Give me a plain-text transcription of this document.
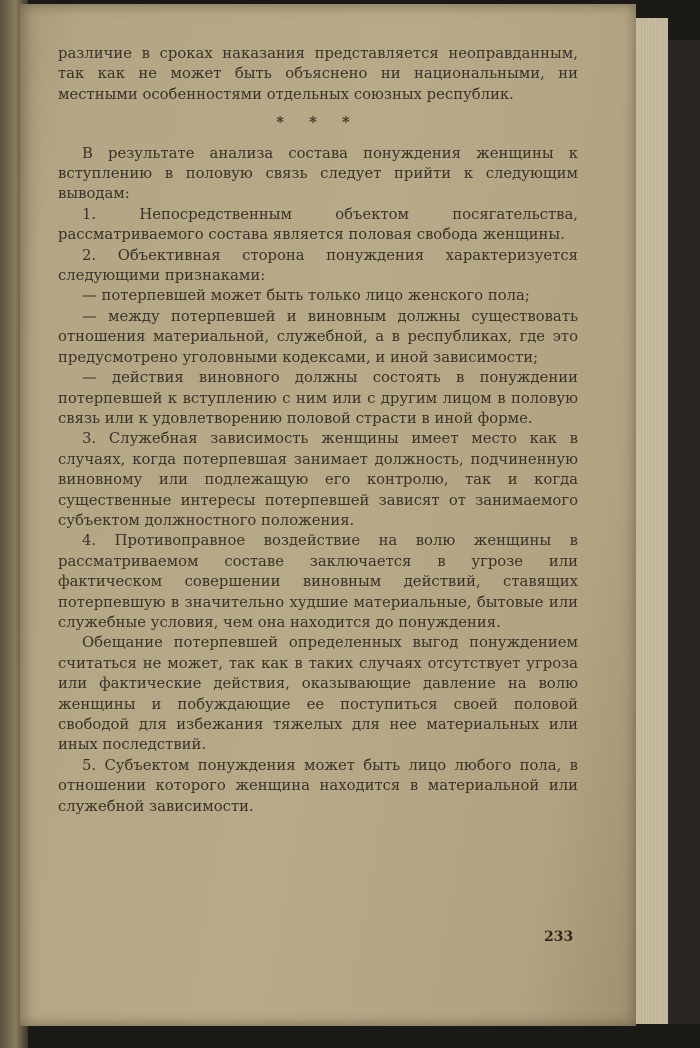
различие в сроках наказания представляется неоправданным, так как не может быть объяснено ни национальными, ни местными особенностями отдельных союзных республик.

* * *

В результате анализа состава понуждения женщины к вступлению в половую связь следует прийти к следующим выводам:

1. Непосредственным объектом посягательства, рассматриваемого состава является половая свобода женщины.

2. Объективная сторона понуждения характеризуется следующими признаками:

— потерпевшей может быть только лицо женского пола;

— между потерпевшей и виновным должны существовать отношения материальной, служебной, а в республиках, где это предусмотрено уголовными кодексами, и иной зависимости;

— действия виновного должны состоять в понуждении потерпевшей к вступлению с ним или с другим лицом в половую связь или к удовлетворению половой страсти в иной форме.

3. Служебная зависимость женщины имеет место как в случаях, когда потерпевшая занимает должность, подчиненную виновному или подлежащую его контролю, так и когда существенные интересы потерпевшей зависят от занимаемого субъектом должностного положения.

4. Противоправное воздействие на волю женщины в рассматриваемом составе заключается в угрозе или фактическом совершении виновным действий, ставящих потерпевшую в значительно худшие материальные, бытовые или служебные условия, чем она находится до понуждения.

Обещание потерпевшей определенных выгод понуждением считаться не может, так как в таких случаях отсутствует угроза или фактические действия, оказывающие давление на волю женщины и побуждающие ее поступиться своей половой свободой для избежания тяжелых для нее материальных или иных последствий.

5. Субъектом понуждения может быть лицо любого пола, в отношении которого женщина находится в материальной или служебной зависимости.

233
